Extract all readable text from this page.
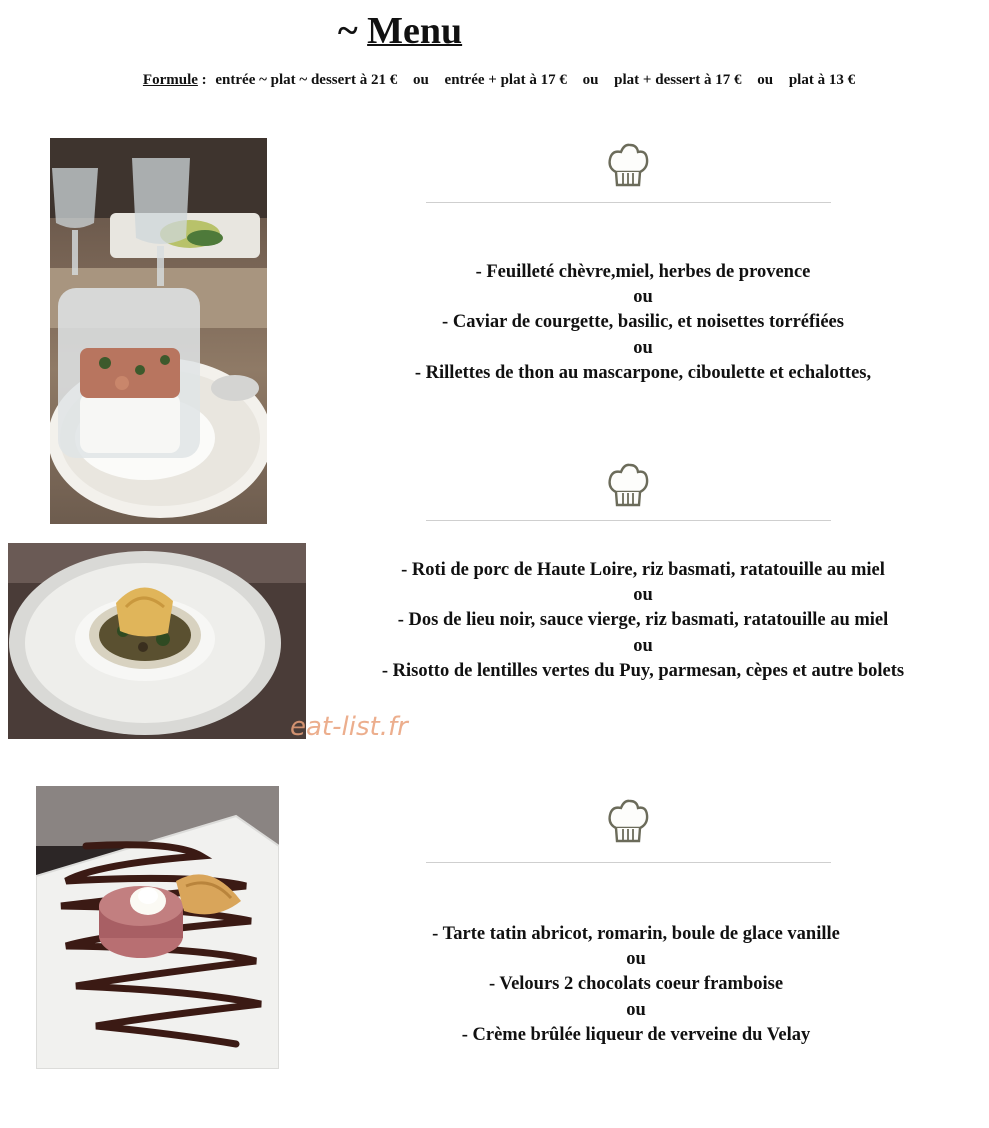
~ Menu
Formule : entrée ~ plat ~ dessert à 21 € ou entrée + plat à 17 € ou plat + dessert à 17 € ou plat à 13 €
eat-list.fr
- Feuilleté chèvre,miel, herbes de provence
ou
- Caviar de courgette, basilic, et noisettes torréfiées
ou
- Rillettes de thon au mascarpone, ciboulette et echalottes,
- Roti de porc de Haute Loire, riz basmati, ratatouille au miel
ou
- Dos de lieu noir, sauce vierge, riz basmati, ratatouille au miel
ou
- Risotto de lentilles vertes du Puy, parmesan, cèpes et autre bolets
- Tarte tatin abricot, romarin, boule de glace vanille
ou
- Velours 2 chocolats coeur framboise
ou
- Crème brûlée liqueur de verveine du Velay
